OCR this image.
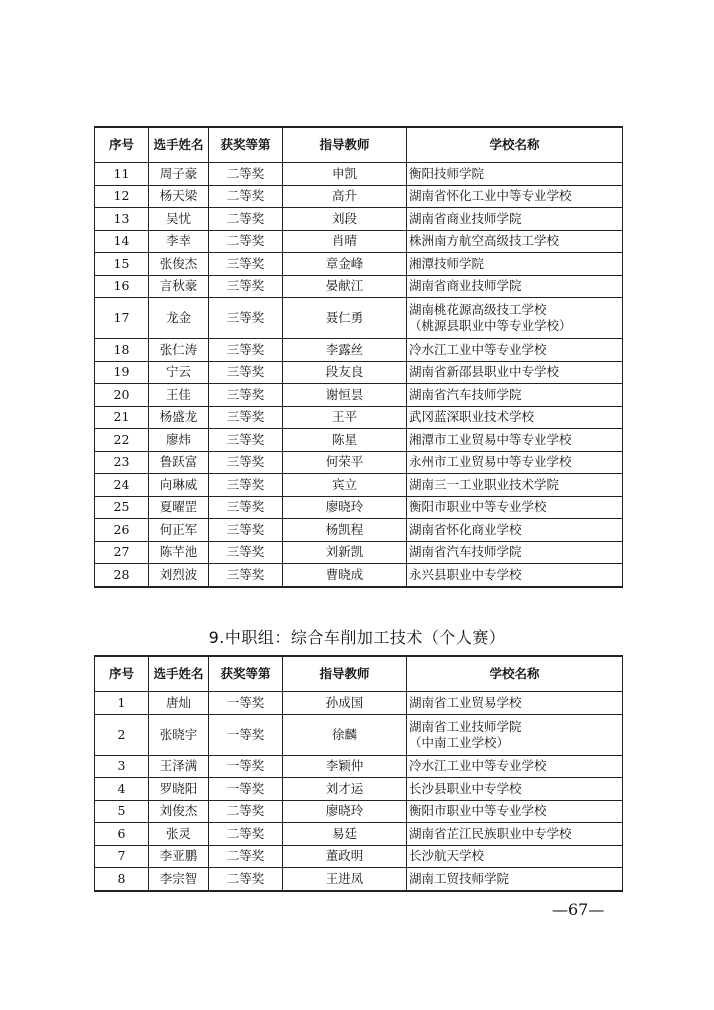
序号	选手姓名	获奖等第	指导教师	学校名称
11	周子豪	二等奖	申凯	衡阳技师学院

12	杨天梁	二等奖	高升	湖南省怀化工业中等专业学校

13	吴忧	二等奖	刘段	湖南省商业技师学院

14	李幸	二等奖	肖晴	株洲南方航空高级技工学校

15	张俊杰	三等奖	章金峰	湘潭技师学院

16	言秋豪	三等奖	晏献江	湖南省商业技师学院

17	龙金	三等奖	聂仁勇	湖南桃花源高级技工学校
（桃源县职业中等专业学校）

18	张仁涛	三等奖	李露丝	冷水江工业中等专业学校

19	宁云	三等奖	段友良	湖南省新邵县职业中专学校

20	王佳	三等奖	谢恒昙	湖南省汽车技师学院

21	杨盛龙	三等奖	王平	武冈蓝深职业技术学校

22	廖炜	三等奖	陈星	湘潭市工业贸易中等专业学校

23	鲁跃富	三等奖	何荣平	永州市工业贸易中等专业学校

24	向琳威	三等奖	宾立	湖南三一工业职业技术学院

25	夏曜罡	三等奖	廖晓玲	衡阳市职业中等专业学校

26	何正军	三等奖	杨凯程	湖南省怀化商业学校

27	陈芊池	三等奖	刘新凯	湖南省汽车技师学院

28	刘烈波	三等奖	曹晓成	永兴县职业中专学校
9.中职组：综合车削加工技术（个人赛）
序号	选手姓名	获奖等第	指导教师	学校名称
1	唐灿	一等奖	孙成国	湖南省工业贸易学校

2	张晓宇	一等奖	徐麟	湖南省工业技师学院
（中南工业学校）

3	王泽满	一等奖	李颖仲	冷水江工业中等专业学校

4	罗晓阳	一等奖	刘才运	长沙县职业中专学校

5	刘俊杰	二等奖	廖晓玲	衡阳市职业中等专业学校

6	张灵	二等奖	易廷	湖南省芷江民族职业中专学校

7	李亚鹏	二等奖	董政明	长沙航天学校

8	李宗智	二等奖	王进凤	湖南工贸技师学院
—67—
